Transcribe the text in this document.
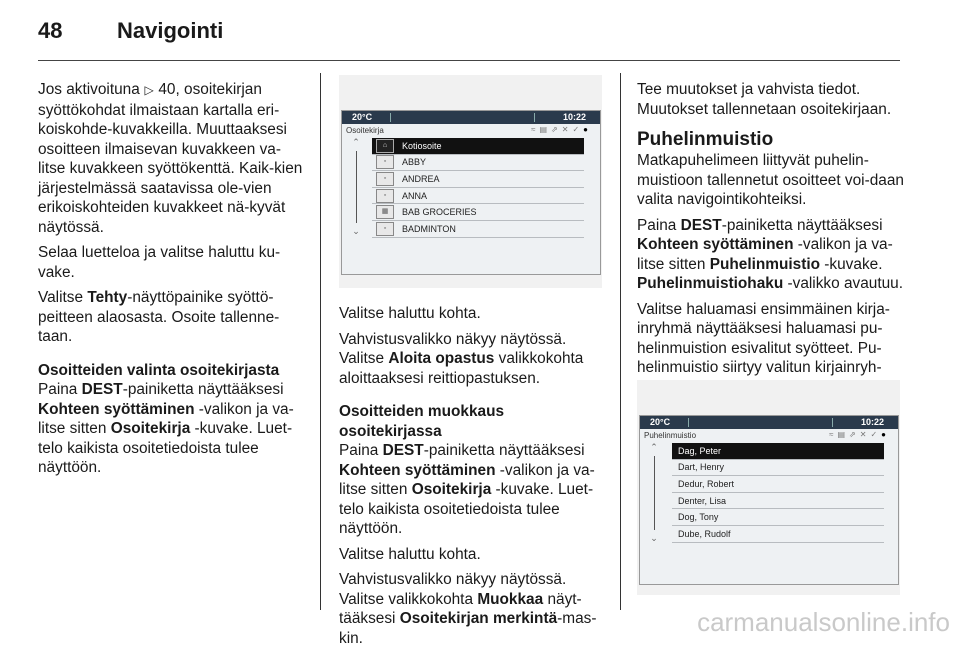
48 Navigointi

Jos aktivoituna ▷ 40, osoitekirjan syöttökohdat ilmaistaan kartalla eri-koiskohde-kuvakkeilla. Muuttaaksesi osoitteen ilmaisevan kuvakkeen va-litse kuvakkeen syöttökenttä. Kaik-kien järjestelmässä saatavissa ole-vien erikoiskohteiden kuvakkeet nä-kyvät näytössä.

Selaa luetteloa ja valitse haluttu ku-vake.

Valitse Tehty-näyttöpainike syöttö-peitteen alaosasta. Osoite tallenne-taan.

Osoitteiden valinta osoitekirjasta

Paina DEST-painiketta näyttääksesi Kohteen syöttäminen -valikon ja va-litse sitten Osoitekirja -kuvake. Luet-telo kaikista osoitetiedoista tulee näyttöön.

20°C	10:22
Osoitekirja	≈▤⇗✕✓●
⌃
⌄
⌂	Kotiosoite
▫	ABBY
▫	ANDREA
▫	ANNA
▦	BAB GROCERIES
▫	BADMINTON

Valitse haluttu kohta.

Vahvistusvalikko näkyy näytössä. Valitse Aloita opastus valikkokohta aloittaaksesi reittiopastuksen.

Osoitteiden muokkaus osoitekirjassa

Paina DEST-painiketta näyttääksesi Kohteen syöttäminen -valikon ja va-litse sitten Osoitekirja -kuvake. Luet-telo kaikista osoitetiedoista tulee näyttöön.

Valitse haluttu kohta.

Vahvistusvalikko näkyy näytössä. Valitse valikkokohta Muokkaa näyt-tääksesi Osoitekirjan merkintä-mas-kin.

Tee muutokset ja vahvista tiedot. Muutokset tallennetaan osoitekirjaan.

Puhelinmuistio

Matkapuhelimeen liittyvät puhelin-muistioon tallennetut osoitteet voi-daan valita navigointikohteiksi.

Paina DEST-painiketta näyttääksesi Kohteen syöttäminen -valikon ja va-litse sitten Puhelinmuistio -kuvake. Puhelinmuistiohaku -valikko avautuu.

Valitse haluamasi ensimmäinen kirja-inryhmä näyttääksesi haluamasi pu-helinmuistion esivalitut syötteet. Pu-helinmuistio siirtyy valitun kirjainryh-

20°C	10:22
Puhelinmuistio	≈▤⇗✕✓●
⌃
⌄
Dag, Peter
Dart, Henry
Dedur, Robert
Denter, Lisa
Dog, Tony
Dube, Rudolf
carmanualsonline.info
